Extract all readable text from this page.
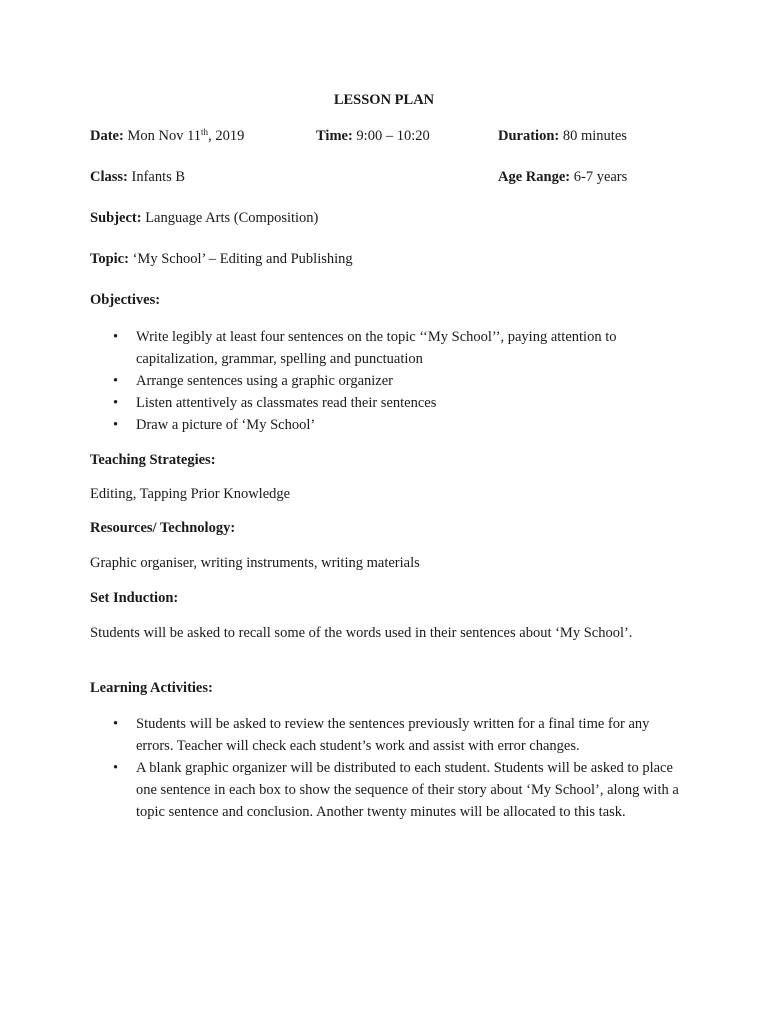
LESSON PLAN
Date: Mon Nov 11th, 2019	Time: 9:00 – 10:20	Duration: 80 minutes
Class: Infants B	Age Range: 6-7 years
Subject: Language Arts (Composition)
Topic: ‘My School’ – Editing and Publishing
Objectives:
• Write legibly at least four sentences on the topic ‘‘My School’’, paying attention to capitalization, grammar, spelling and punctuation
• Arrange sentences using a graphic organizer
• Listen attentively as classmates read their sentences
• Draw a picture of ‘My School’
Teaching Strategies:
Editing, Tapping Prior Knowledge
Resources/ Technology:
Graphic organiser, writing instruments, writing materials
Set Induction:
Students will be asked to recall some of the words used in their sentences about ‘My School’.
Learning Activities:
• Students will be asked to review the sentences previously written for a final time for any errors. Teacher will check each student’s work and assist with error changes.
• A blank graphic organizer will be distributed to each student. Students will be asked to place one sentence in each box to show the sequence of their story about ‘My School’, along with a topic sentence and conclusion. Another twenty minutes will be allocated to this task.
